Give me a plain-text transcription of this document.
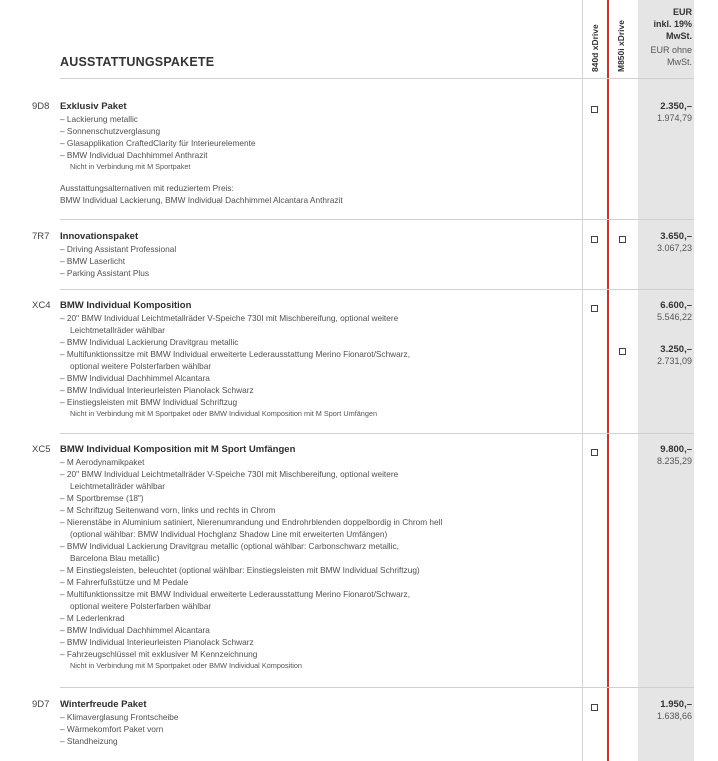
AUSSTATTUNGSPAKETE	840d xDrive M850i xDrive
EUR
inkl. 19%
MwSt.
EUR ohne
MwSt.
9D8 Exklusiv Paket
– Lackierung metallic
– Sonnenschutzverglasung
– Glasapplikation CraftedClarity für Interieurelemente
– BMW Individual Dachhimmel Anthrazit
Nicht in Verbindung mit M Sportpaket
Ausstattungsalternativen mit reduziertem Preis:
BMW Individual Lackierung, BMW Individual Dachhimmel Alcantara Anthrazit
2.350,–
1.974,79
7R7 Innovationspaket
– Driving Assistant Professional
– BMW Laserlicht
– Parking Assistant Plus
3.650,–
3.067,23
XC4 BMW Individual Komposition
– 20" BMW Individual Leichtmetallräder V-Speiche 730I mit Mischbereifung, optional weitere
Leichtmetallräder wählbar
– BMW Individual Lackierung Dravitgrau metallic
– Multifunktionssitze mit BMW Individual erweiterte Lederausstattung Merino Fionarot/Schwarz,
optional weitere Polsterfarben wählbar
– BMW Individual Dachhimmel Alcantara
– BMW Individual Interieurleisten Pianolack Schwarz
– Einstiegsleisten mit BMW Individual Schriftzug
Nicht in Verbindung mit M Sportpaket oder BMW Individual Komposition mit M Sport Umfängen
6.600,–
5.546,22
3.250,–
2.731,09
XC5 BMW Individual Komposition mit M Sport Umfängen
– M Aerodynamikpaket
– 20" BMW Individual Leichtmetallräder V-Speiche 730I mit Mischbereifung, optional weitere
Leichtmetallräder wählbar
– M Sportbremse (18")
– M Schriftzug Seitenwand vorn, links und rechts in Chrom
– Nierenstäbe in Aluminium satiniert, Nierenumrandung und Endrohrblenden doppelbordig in Chrom hell
(optional wählbar: BMW Individual Hochglanz Shadow Line mit erweiterten Umfängen)
– BMW Individual Lackierung Dravitgrau metallic (optional wählbar: Carbonschwarz metallic,
Barcelona Blau metallic)
– M Einstiegsleisten, beleuchtet (optional wählbar: Einstiegsleisten mit BMW Individual Schriftzug)
– M Fahrerfußstütze und M Pedale
– Multifunktionssitze mit BMW Individual erweiterte Lederausstattung Merino Fionarot/Schwarz,
optional weitere Polsterfarben wählbar
– M Lederlenkrad
– BMW Individual Dachhimmel Alcantara
– BMW Individual Interieurleisten Pianolack Schwarz
– Fahrzeugschlüssel mit exklusiver M Kennzeichnung
Nicht in Verbindung mit M Sportpaket oder BMW Individual Komposition
9.800,–
8.235,29
9D7 Winterfreude Paket
– Klimaverglasung Frontscheibe
– Wärmekomfort Paket vorn
– Standheizung
1.950,–
1.638,66
